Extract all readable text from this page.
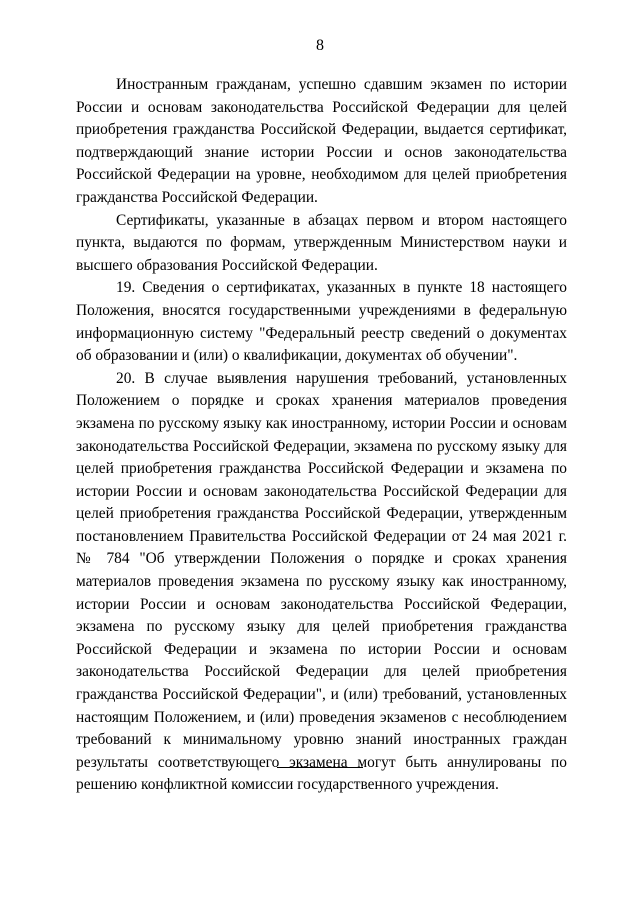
8

Иностранным гражданам, успешно сдавшим экзамен по истории России и основам законодательства Российской Федерации для целей приобретения гражданства Российской Федерации, выдается сертификат, подтверждающий знание истории России и основ законодательства Российской Федерации на уровне, необходимом для целей приобретения гражданства Российской Федерации.

Сертификаты, указанные в абзацах первом и втором настоящего пункта, выдаются по формам, утвержденным Министерством науки и высшего образования Российской Федерации.

19. Сведения о сертификатах, указанных в пункте 18 настоящего Положения, вносятся государственными учреждениями в федеральную информационную систему "Федеральный реестр сведений о документах об образовании и (или) о квалификации, документах об обучении".

20. В случае выявления нарушения требований, установленных Положением о порядке и сроках хранения материалов проведения экзамена по русскому языку как иностранному, истории России и основам законодательства Российской Федерации, экзамена по русскому языку для целей приобретения гражданства Российской Федерации и экзамена по истории России и основам законодательства Российской Федерации для целей приобретения гражданства Российской Федерации, утвержденным постановлением Правительства Российской Федерации от 24 мая 2021 г. № 784 "Об утверждении Положения о порядке и сроках хранения материалов проведения экзамена по русскому языку как иностранному, истории России и основам законодательства Российской Федерации, экзамена по русскому языку для целей приобретения гражданства Российской Федерации и экзамена по истории России и основам законодательства Российской Федерации для целей приобретения гражданства Российской Федерации", и (или) требований, установленных настоящим Положением, и (или) проведения экзаменов с несоблюдением требований к минимальному уровню знаний иностранных граждан результаты соответствующего экзамена могут быть аннулированы по решению конфликтной комиссии государственного учреждения.
